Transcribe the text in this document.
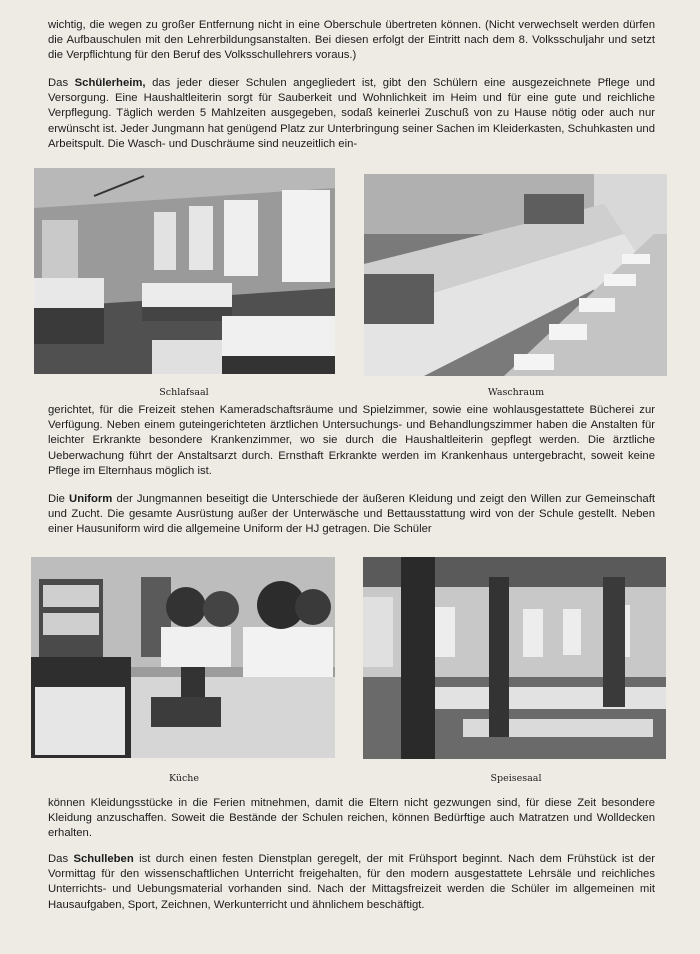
wichtig, die wegen zu großer Entfernung nicht in eine Oberschule übertreten können. (Nicht verwechselt werden dürfen die Aufbauschulen mit den Lehrerbildungsanstalten. Bei diesen erfolgt der Eintritt nach dem 8. Volksschuljahr und setzt die Verpflichtung für den Beruf des Volksschullehrers voraus.)

Das Schülerheim, das jeder dieser Schulen angegliedert ist, gibt den Schülern eine ausgezeichnete Pflege und Versorgung. Eine Haushaltleiterin sorgt für Sauberkeit und Wohnlichkeit im Heim und für eine gute und reichliche Verpflegung. Täglich werden 5 Mahlzeiten ausgegeben, sodaß keinerlei Zuschuß von zu Hause nötig oder auch nur erwünscht ist. Jeder Jungmann hat genügend Platz zur Unterbringung seiner Sachen im Kleiderkasten, Schuhkasten und Arbeitspult. Die Wasch- und Duschräume sind neuzeitlich ein-

Schlafsaal	Waschraum

gerichtet, für die Freizeit stehen Kameradschaftsräume und Spielzimmer, sowie eine wohlausgestattete Bücherei zur Verfügung. Neben einem guteingerichteten ärztlichen Untersuchungs- und Behandlungszimmer haben die Anstalten für leichter Erkrankte besondere Krankenzimmer, wo sie durch die Haushaltleiterin gepflegt werden. Die ärztliche Ueberwachung führt der Anstaltsarzt durch. Ernsthaft Erkrankte werden im Krankenhaus untergebracht, soweit keine Pflege im Elternhaus möglich ist.

Die Uniform der Jungmannen beseitigt die Unterschiede der äußeren Kleidung und zeigt den Willen zur Gemeinschaft und Zucht. Die gesamte Ausrüstung außer der Unterwäsche und Bettausstattung wird von der Schule gestellt. Neben einer Hausuniform wird die allgemeine Uniform der HJ getragen. Die Schüler

Küche	Speisesaal

können Kleidungsstücke in die Ferien mitnehmen, damit die Eltern nicht gezwungen sind, für diese Zeit besondere Kleidung anzuschaffen. Soweit die Bestände der Schulen reichen, können Bedürftige auch Matratzen und Wolldecken erhalten.

Das Schulleben ist durch einen festen Dienstplan geregelt, der mit Frühsport beginnt. Nach dem Frühstück ist der Vormittag für den wissenschaftlichen Unterricht freigehalten, für den modern ausgestattete Lehrsäle und reichliches Unterrichts- und Uebungsmaterial vorhanden sind. Nach der Mittagsfreizeit werden die Schüler im allgemeinen mit Hausaufgaben, Sport, Zeichnen, Werkunterricht und ähnlichem beschäftigt.
